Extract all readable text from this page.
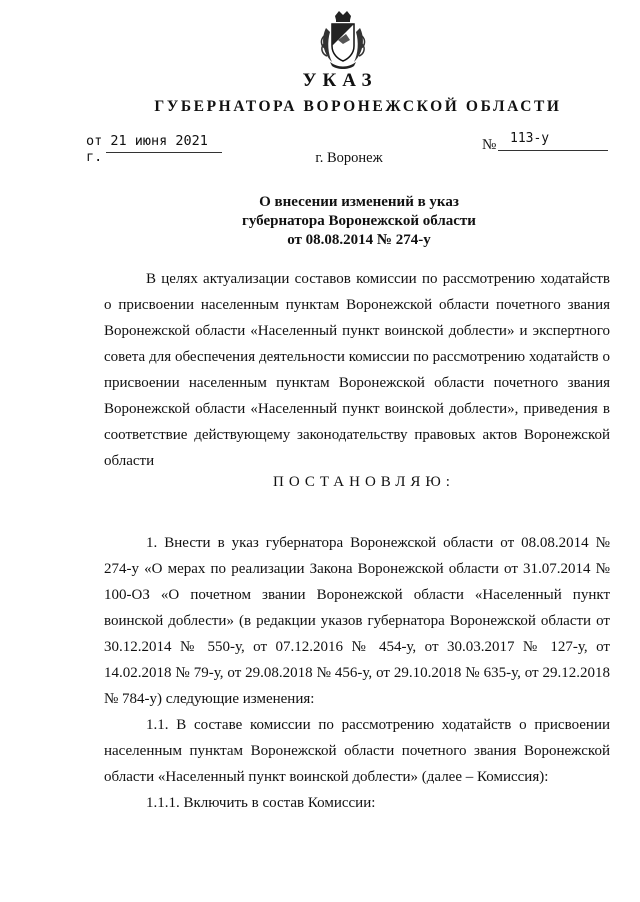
УКАЗ
ГУБЕРНАТОРА ВОРОНЕЖСКОЙ ОБЛАСТИ
от 21 июня 2021 г.
№ 113-у
г. Воронеж
О внесении изменений в указ
губернатора Воронежской области
от 08.08.2014 № 274-у

В целях актуализации составов комиссии по рассмотрению ходатайств о присвоении населенным пунктам Воронежской области почетного звания Воронежской области «Населенный пункт воинской доблести» и экспертного совета для обеспечения деятельности комиссии по рассмотрению ходатайств о присвоении населенным пунктам Воронежской области почетного звания Воронежской области «Населенный пункт воинской доблести», приведения в соответствие действующему законодательству правовых актов Воронежской области

ПОСТАНОВЛЯЮ:

1. Внести в указ губернатора Воронежской области от 08.08.2014 № 274-у «О мерах по реализации Закона Воронежской области от 31.07.2014 № 100-ОЗ «О почетном звании Воронежской области «Населенный пункт воинской доблести» (в редакции указов губернатора Воронежской области от 30.12.2014 № 550-у, от 07.12.2016 № 454-у, от 30.03.2017 № 127-у, от 14.02.2018 № 79-у, от 29.08.2018 № 456-у, от 29.10.2018 № 635-у, от 29.12.2018 № 784-у) следующие изменения:

1.1. В составе комиссии по рассмотрению ходатайств о присвоении населенным пунктам Воронежской области почетного звания Воронежской области «Населенный пункт воинской доблести» (далее – Комиссия):

1.1.1. Включить в состав Комиссии:
